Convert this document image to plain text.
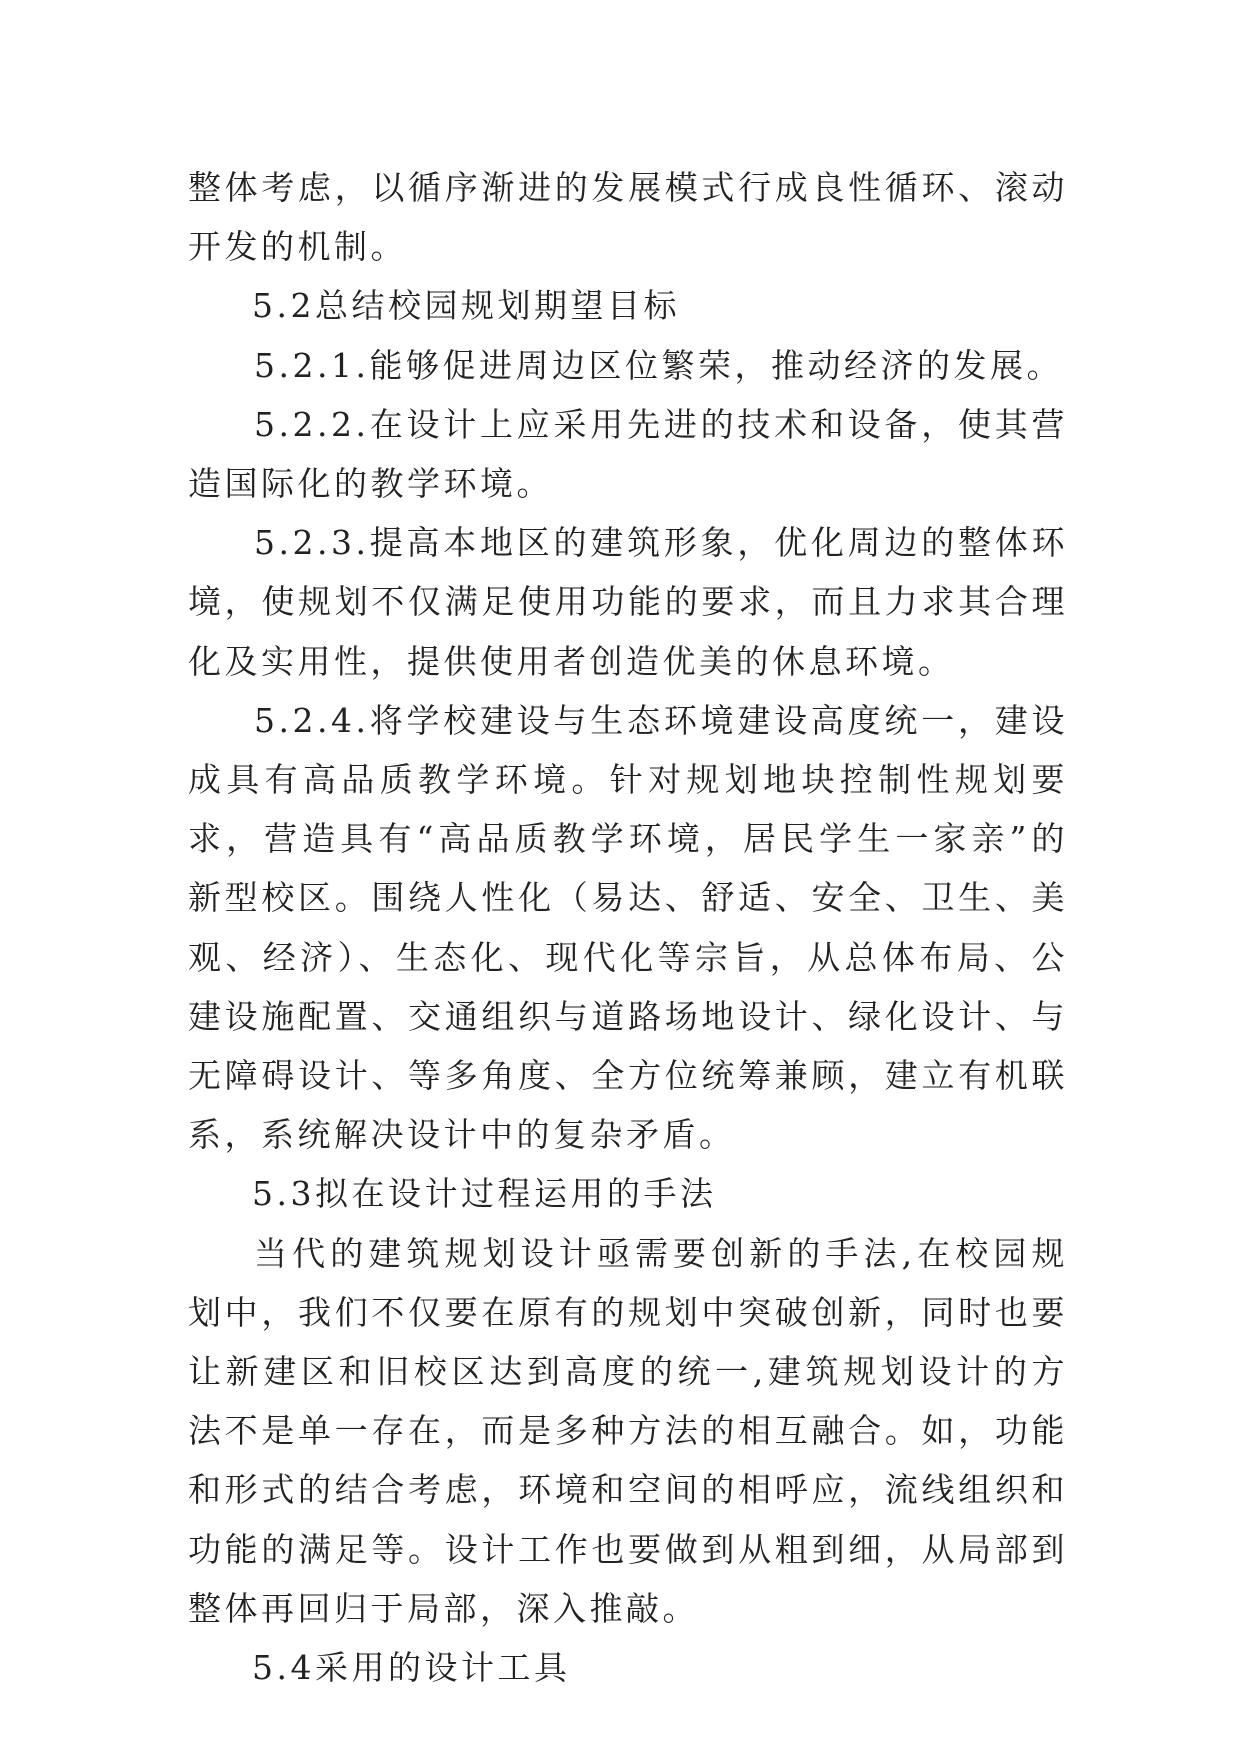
整体考虑，以循序渐进的发展模式行成良性循环、滚动开发的机制。

5.2总结校园规划期望目标

5.2.1.能够促进周边区位繁荣，推动经济的发展。

5.2.2.在设计上应采用先进的技术和设备，使其营造国际化的教学环境。

5.2.3.提高本地区的建筑形象，优化周边的整体环境，使规划不仅满足使用功能的要求，而且力求其合理化及实用性，提供使用者创造优美的休息环境。

5.2.4.将学校建设与生态环境建设高度统一，建设成具有高品质教学环境。针对规划地块控制性规划要求，营造具有“高品质教学环境，居民学生一家亲”的新型校区。围绕人性化（易达、舒适、安全、卫生、美观、经济）、生态化、现代化等宗旨，从总体布局、公建设施配置、交通组织与道路场地设计、绿化设计、与无障碍设计、等多角度、全方位统筹兼顾，建立有机联系，系统解决设计中的复杂矛盾。

5.3拟在设计过程运用的手法

当代的建筑规划设计亟需要创新的手法,在校园规划中，我们不仅要在原有的规划中突破创新，同时也要让新建区和旧校区达到高度的统一,建筑规划设计的方法不是单一存在，而是多种方法的相互融合。如，功能和形式的结合考虑，环境和空间的相呼应，流线组织和功能的满足等。设计工作也要做到从粗到细，从局部到整体再回归于局部，深入推敲。

5.4采用的设计工具
